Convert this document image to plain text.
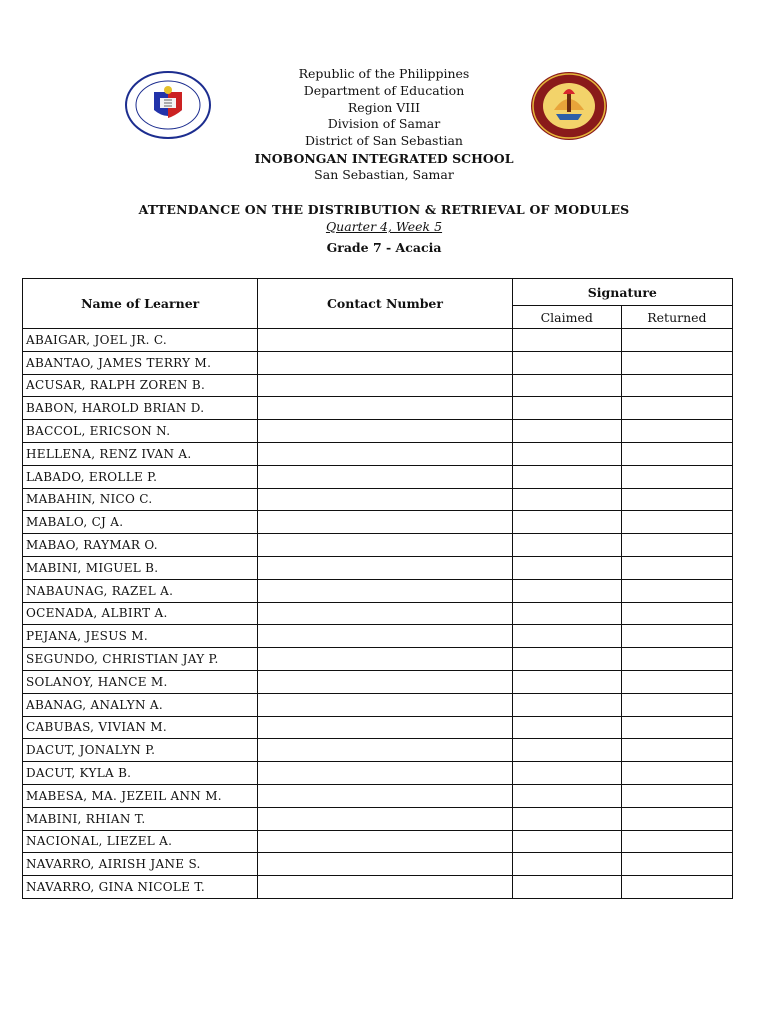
Republic of the Philippines
Department of Education
Region VIII
Division of Samar
District of San Sebastian
INOBONGAN INTEGRATED SCHOOL
San Sebastian, Samar
ATTENDANCE ON THE DISTRIBUTION & RETRIEVAL OF MODULES
Quarter 4, Week 5
Grade 7 - Acacia
Name of Learner	Contact Number	Signature	
		Claimed	Returned
ABAIGAR, JOEL JR. C.			
ABANTAO, JAMES TERRY M.			
ACUSAR, RALPH ZOREN B.			
BABON, HAROLD BRIAN D.			
BACCOL, ERICSON N.			
HELLENA, RENZ IVAN A.			
LABADO, EROLLE P.			
MABAHIN, NICO C.			
MABALO, CJ A.			
MABAO, RAYMAR O.			
MABINI, MIGUEL B.			
NABAUNAG, RAZEL A.			
OCENADA, ALBIRT A.			
PEJANA, JESUS M.			
SEGUNDO, CHRISTIAN JAY P.			
SOLANOY, HANCE M.			
ABANAG, ANALYN A.			
CABUBAS, VIVIAN M.			
DACUT, JONALYN P.			
DACUT, KYLA B.			
MABESA, MA. JEZEIL ANN M.			
MABINI, RHIAN T.			
NACIONAL, LIEZEL A.			
NAVARRO, AIRISH JANE S.			
NAVARRO, GINA NICOLE T.			
